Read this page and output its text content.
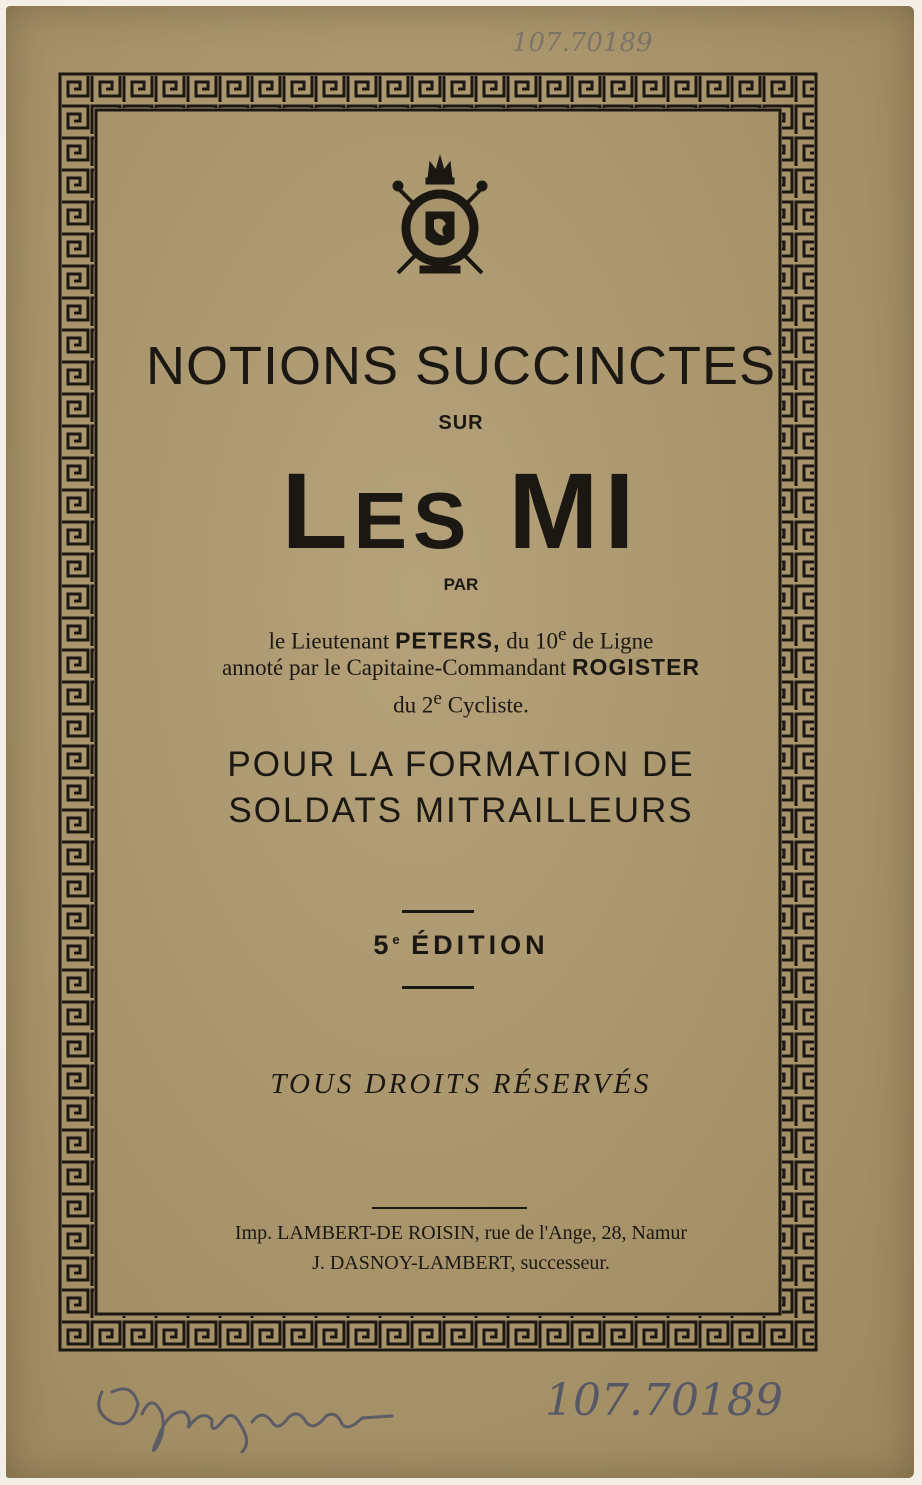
107.70189
NOTIONS SUCCINCTES
SUR
LES MI
PAR
le Lieutenant PETERS, du 10e de Ligne
annoté par le Capitaine-Commandant ROGISTER
du 2e Cycliste.
POUR LA FORMATION DE
SOLDATS MITRAILLEURS
5e ÉDITION
TOUS DROITS RÉSERVÉS
Imp. LAMBERT-DE ROISIN, rue de l'Ange, 28, Namur
J. DASNOY-LAMBERT, successeur.
107.70189
